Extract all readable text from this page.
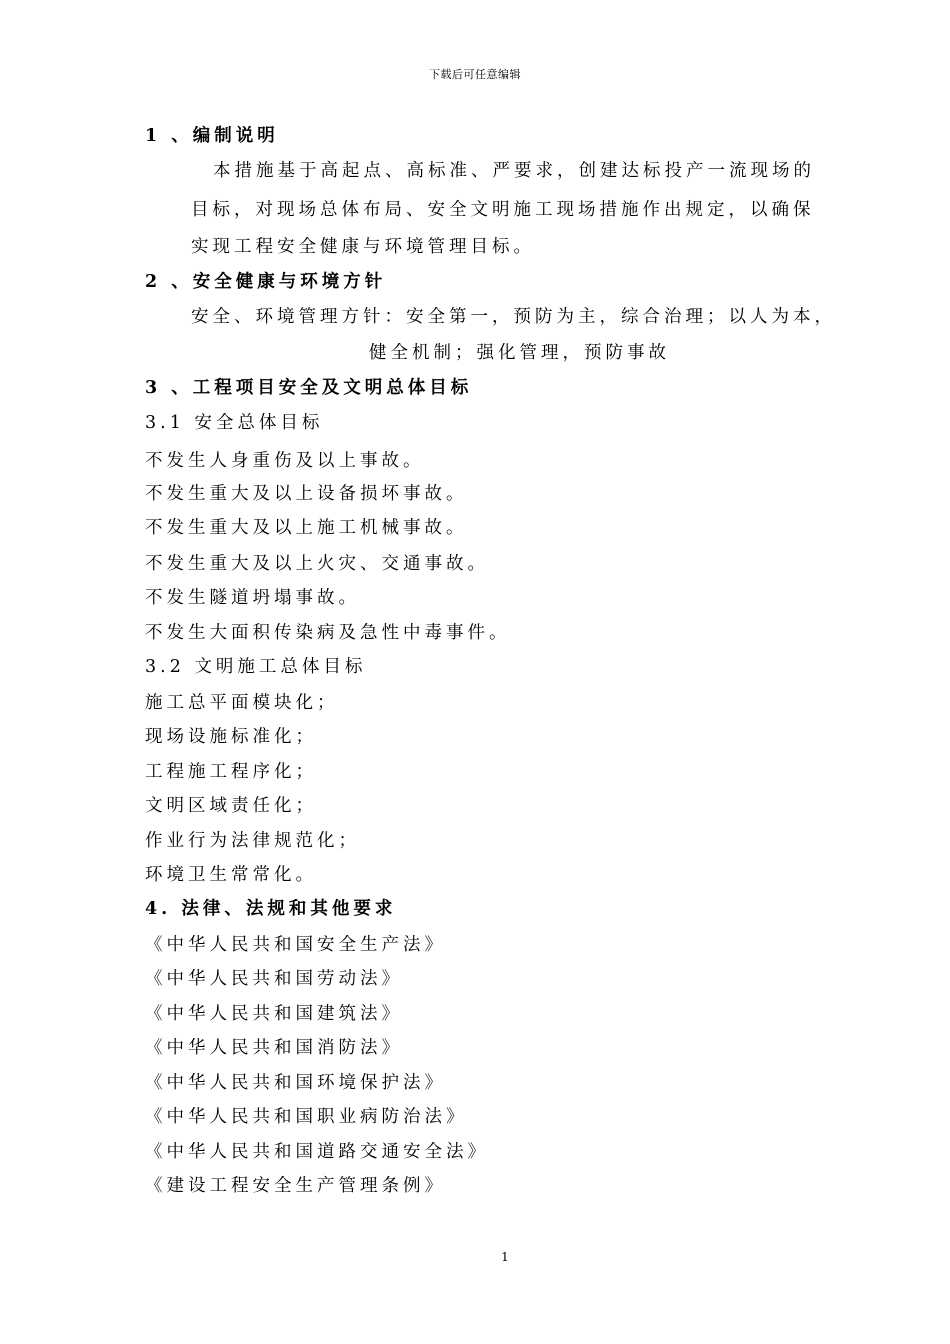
下载后可任意编辑
1 、编制说明
本措施基于高起点、高标准、严要求，创建达标投产一流现场的
目标，对现场总体布局、安全文明施工现场措施作出规定，以确保
实现工程安全健康与环境管理目标。
2 、安全健康与环境方针
安全、环境管理方针：安全第一，预防为主，综合治理；以人为本，
健全机制；强化管理，预防事故
3 、工程项目安全及文明总体目标
3.1 安全总体目标
不发生人身重伤及以上事故。
不发生重大及以上设备损坏事故。
不发生重大及以上施工机械事故。
不发生重大及以上火灾、交通事故。
不发生隧道坍塌事故。
不发生大面积传染病及急性中毒事件。
3.2 文明施工总体目标
施工总平面模块化；
现场设施标准化；
工程施工程序化；
文明区域责任化；
作业行为法律规范化；
环境卫生常常化。
4. 法律、法规和其他要求
《中华人民共和国安全生产法》
《中华人民共和国劳动法》
《中华人民共和国建筑法》
《中华人民共和国消防法》
《中华人民共和国环境保护法》
《中华人民共和国职业病防治法》
《中华人民共和国道路交通安全法》
《建设工程安全生产管理条例》
1
